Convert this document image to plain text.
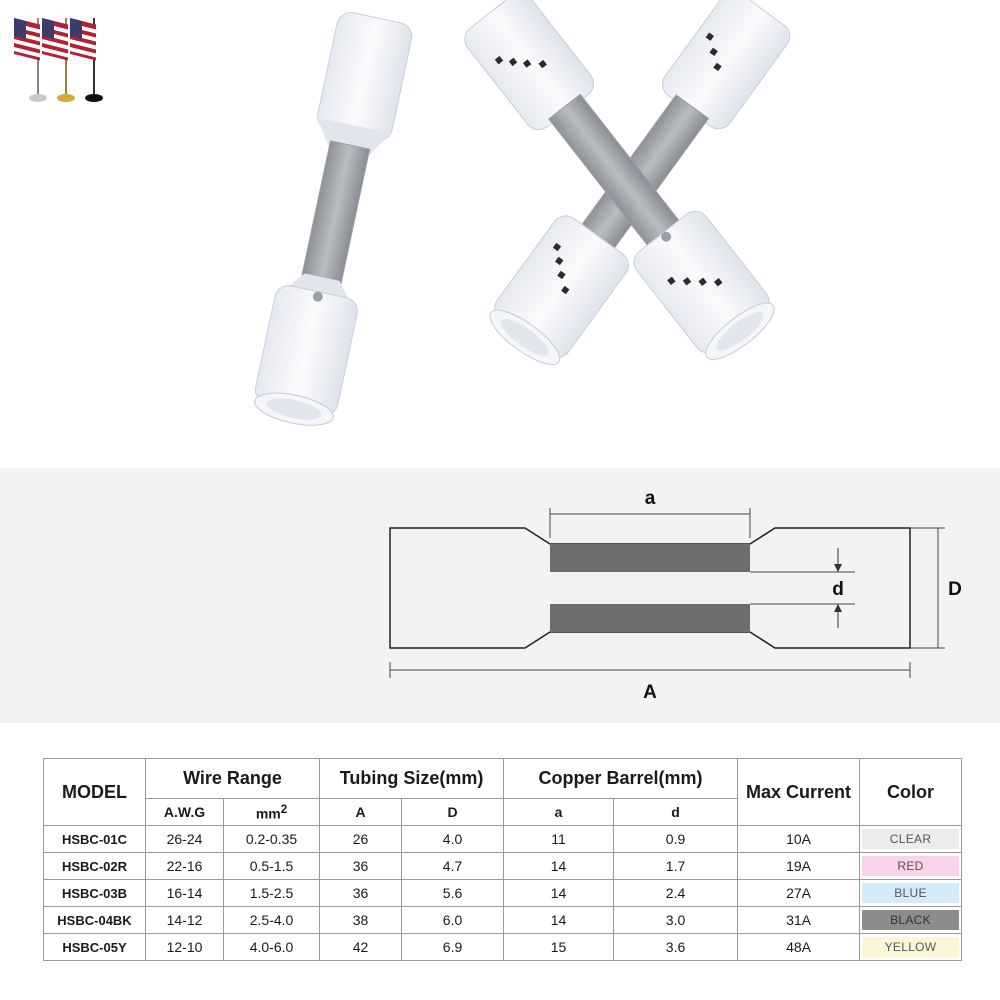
a
d	D
A
MODEL	Wire Range		Tubing Size(mm)		Copper Barrel(mm)		Max Current	Color
	A.W.G	$mm^2$	A	D	a	d		
HSBC-01C	26-24	0.2-0.35	26	4.0	11	0.9	10A	CLEAR

HSBC-02R	22-16	0.5-1.5	36	4.7	14	1.7	19A	RED

HSBC-03B	16-14	1.5-2.5	36	5.6	14	2.4	27A	BLUE

HSBC-04BK	14-12	2.5-4.0	38	6.0	14	3.0	31A	BLACK

HSBC-05Y	12-10	4.0-6.0	42	6.9	15	3.6	48A	YELLOW
